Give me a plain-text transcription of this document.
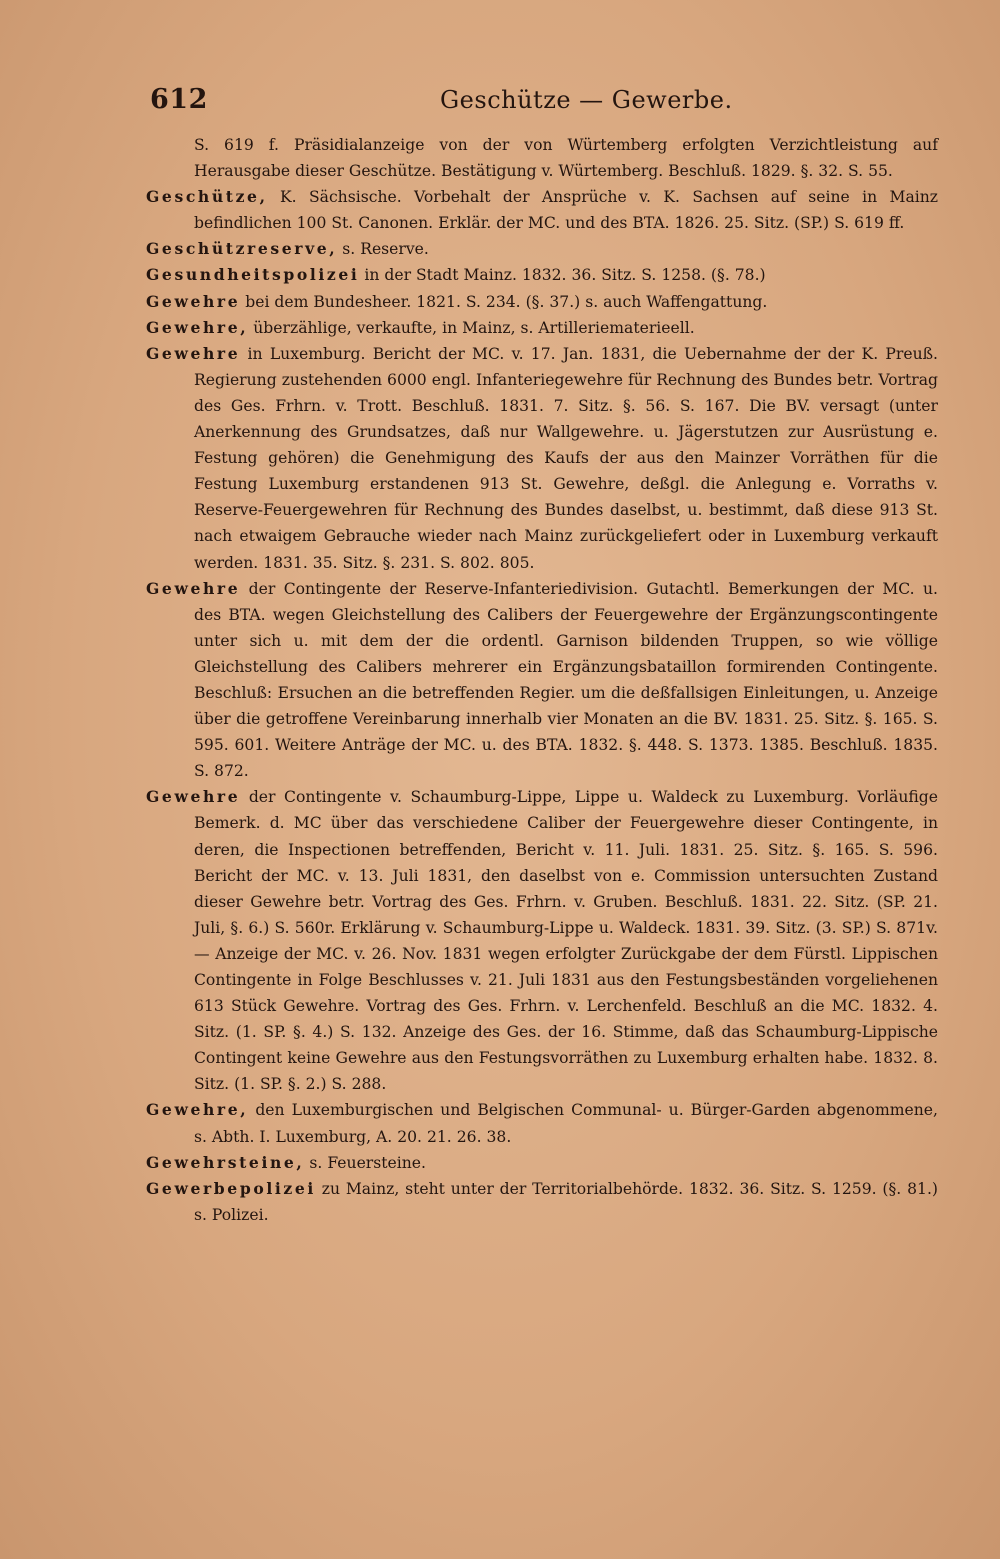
612	Geschütze — Gewerbe.

S. 619 f. Präsidialanzeige von der von Würtemberg erfolgten Verzichtleistung auf Herausgabe dieser Geschütze. Bestätigung v. Würtemberg. Beschluß. 1829. §. 32. S. 55.

Geschütze, K. Sächsische. Vorbehalt der Ansprüche v. K. Sachsen auf seine in Mainz befindlichen 100 St. Canonen. Erklär. der MC. und des BTA. 1826. 25. Sitz. (SP.) S. 619 ff.

Geschützreserve, s. Reserve.

Gesundheitspolizei in der Stadt Mainz. 1832. 36. Sitz. S. 1258. (§. 78.)

Gewehre bei dem Bundesheer. 1821. S. 234. (§. 37.) s. auch Waffengattung.

Gewehre, überzählige, verkaufte, in Mainz, s. Artilleriematerieell.

Gewehre in Luxemburg. Bericht der MC. v. 17. Jan. 1831, die Uebernahme der der K. Preuß. Regierung zustehenden 6000 engl. Infanteriegewehre für Rechnung des Bundes betr. Vortrag des Ges. Frhrn. v. Trott. Beschluß. 1831. 7. Sitz. §. 56. S. 167. Die BV. versagt (unter Anerkennung des Grundsatzes, daß nur Wallgewehre. u. Jägerstutzen zur Ausrüstung e. Festung gehören) die Genehmigung des Kaufs der aus den Mainzer Vorräthen für die Festung Luxemburg erstandenen 913 St. Gewehre, deßgl. die Anlegung e. Vorraths v. Reserve-Feuergewehren für Rechnung des Bundes daselbst, u. bestimmt, daß diese 913 St. nach etwaigem Gebrauche wieder nach Mainz zurückgeliefert oder in Luxemburg verkauft werden. 1831. 35. Sitz. §. 231. S. 802. 805.

Gewehre der Contingente der Reserve-Infanteriedivision. Gutachtl. Bemerkungen der MC. u. des BTA. wegen Gleichstellung des Calibers der Feuergewehre der Ergänzungscontingente unter sich u. mit dem der die ordentl. Garnison bildenden Truppen, so wie völlige Gleichstellung des Calibers mehrerer ein Ergänzungsbataillon formirenden Contingente. Beschluß: Ersuchen an die betreffenden Regier. um die deßfallsigen Einleitungen, u. Anzeige über die getroffene Vereinbarung innerhalb vier Monaten an die BV. 1831. 25. Sitz. §. 165. S. 595. 601. Weitere Anträge der MC. u. des BTA. 1832. §. 448. S. 1373. 1385. Beschluß. 1835. S. 872.

Gewehre der Contingente v. Schaumburg-Lippe, Lippe u. Waldeck zu Luxemburg. Vorläufige Bemerk. d. MC über das verschiedene Caliber der Feuergewehre dieser Contingente, in deren, die Inspectionen betreffenden, Bericht v. 11. Juli. 1831. 25. Sitz. §. 165. S. 596. Bericht der MC. v. 13. Juli 1831, den daselbst von e. Commission untersuchten Zustand dieser Gewehre betr. Vortrag des Ges. Frhrn. v. Gruben. Beschluß. 1831. 22. Sitz. (SP. 21. Juli, §. 6.) S. 560r. Erklärung v. Schaumburg-Lippe u. Waldeck. 1831. 39. Sitz. (3. SP.) S. 871v. — Anzeige der MC. v. 26. Nov. 1831 wegen erfolgter Zurückgabe der dem Fürstl. Lippischen Contingente in Folge Beschlusses v. 21. Juli 1831 aus den Festungsbeständen vorgeliehenen 613 Stück Gewehre. Vortrag des Ges. Frhrn. v. Lerchenfeld. Beschluß an die MC. 1832. 4. Sitz. (1. SP. §. 4.) S. 132. Anzeige des Ges. der 16. Stimme, daß das Schaumburg-Lippische Contingent keine Gewehre aus den Festungsvorräthen zu Luxemburg erhalten habe. 1832. 8. Sitz. (1. SP. §. 2.) S. 288.

Gewehre, den Luxemburgischen und Belgischen Communal- u. Bürger-Garden abgenommene, s. Abth. I. Luxemburg, A. 20. 21. 26. 38.

Gewehrsteine, s. Feuersteine.

Gewerbepolizei zu Mainz, steht unter der Territorialbehörde. 1832. 36. Sitz. S. 1259. (§. 81.) s. Polizei.
